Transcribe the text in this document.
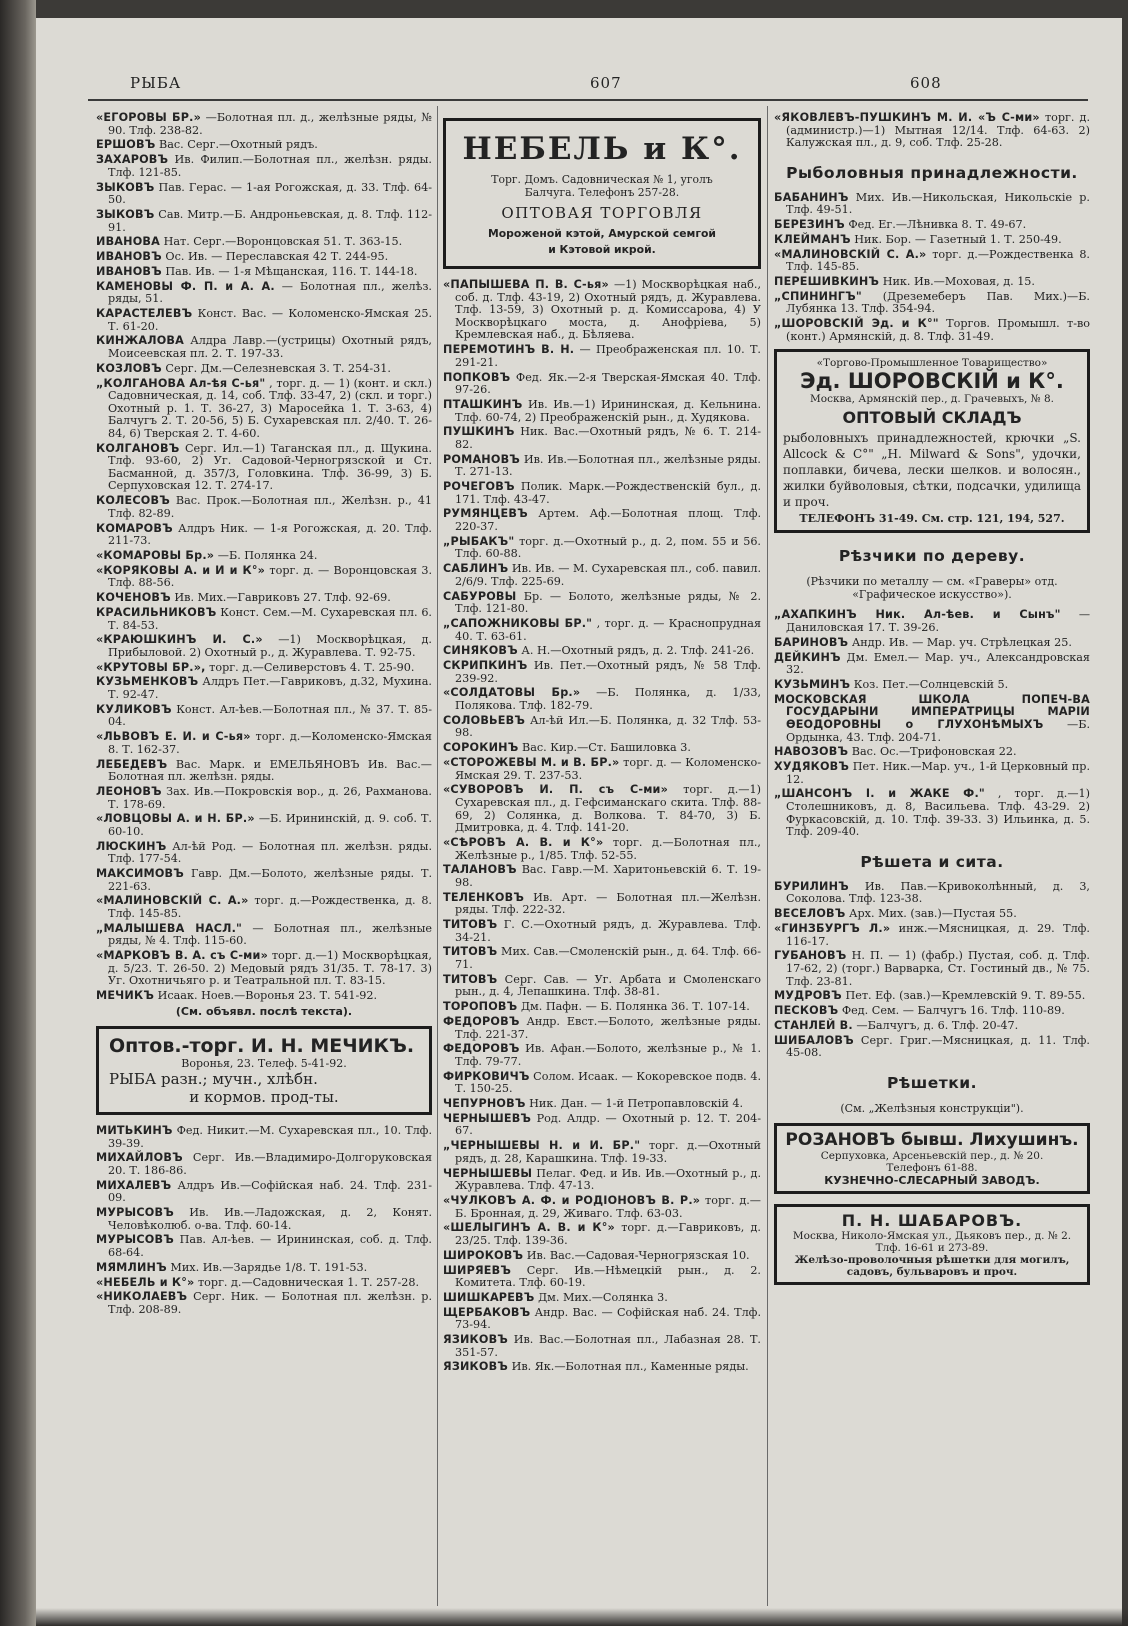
РЫБА	607	608
«ЕГОРОВЫ БР.» —Болотная пл. д., желѣзные ряды, № 90. Тлф. 238-82.
ЕРШОВЪ Вас. Серг.—Охотный рядъ.
ЗАХАРОВЪ Ив. Филип.—Болотная пл., желѣзн. ряды. Тлф. 121-85.
ЗЫКОВЪ Пав. Герас. — 1-ая Рогожская, д. 33. Тлф. 64-50.
ЗЫКОВЪ Сав. Митр.—Б. Андроньевская, д. 8. Тлф. 112-91.
ИВАНОВА Нат. Серг.—Воронцовская 51. Т. 363-15.
ИВАНОВЪ Ос. Ив. — Переславская 42 Т. 244-95.
ИВАНОВЪ Пав. Ив. — 1-я Мѣщанская, 116. Т. 144-18.
КАМЕНОВЫ Ф. П. и А. А. — Болотная пл., желѣз. ряды, 51.
КАРАСТЕЛЕВЪ Конст. Вас. — Коломенско-Ямская 25. Т. 61-20.
КИНЖАЛОВА Алдра Лавр.—(устрицы) Охотный рядъ, Моисеевская пл. 2. Т. 197-33.
КОЗЛОВЪ Серг. Дм.—Селезневская 3. Т. 254-31.
„КОЛГАНОВА Ал-ѣя С-ья" , торг. д. — 1) (конт. и скл.) Садовническая, д. 14, соб. Тлф. 33-47, 2) (скл. и торг.) Охотный р. 1. Т. 36-27, 3) Маросейка 1. Т. 3-63, 4) Балчугъ 2. Т. 20-56, 5) Б. Сухаревская пл. 2/40. Т. 26-84, 6) Тверская 2. Т. 4-60.
КОЛГАНОВЪ Серг. Ил.—1) Таганская пл., д. Щукина. Тлф. 93-60, 2) Уг. Садовой-Черногрязской и Ст. Басманной, д. 357/3, Головкина. Тлф. 36-99, 3) Б. Серпуховская 12. Т. 274-17.
КОЛЕСОВЪ Вас. Прок.—Болотная пл., Желѣзн. р., 41 Тлф. 82-89.
КОМАРОВЪ Алдръ Ник. — 1-я Рогожская, д. 20. Тлф. 211-73.
«КОМАРОВЫ Бр.» —Б. Полянка 24.
«КОРЯКОВЫ А. и И и К°» торг. д. — Воронцовская 3. Тлф. 88-56.
КОЧЕНОВЪ Ив. Мих.—Гавриковъ 27. Тлф. 92-69.
КРАСИЛЬНИКОВЪ Конст. Сем.—М. Сухаревская пл. 6. Т. 84-53.
«КРАЮШКИНЪ И. С.» —1) Москворѣцкая, д. Прибыловой. 2) Охотный р., д. Журавлева. Т. 92-75.
«КРУТОВЫ БР.», торг. д.—Селиверстовъ 4. Т. 25-90.
КУЗЬМЕНКОВЪ Алдръ Пет.—Гавриковъ, д.32, Мухина. Т. 92-47.
КУЛИКОВЪ Конст. Ал-ѣев.—Болотная пл., № 37. Т. 85-04.
«ЛЬВОВЪ Е. И. и С-ья» торг. д.—Коломенско-Ямская 8. Т. 162-37.
ЛЕБЕДЕВЪ Вас. Марк. и ЕМЕЛЬЯНОВЪ Ив. Вас.—Болотная пл. желѣзн. ряды.
ЛЕОНОВЪ Зах. Ив.—Покровскiя вор., д. 26, Рахманова. Т. 178-69.
«ЛОВЦОВЫ А. и Н. БР.» —Б. Ирининскiй, д. 9. соб. Т. 60-10.
ЛЮСКИНЪ Ал-ѣй Род. — Болотная пл. желѣзн. ряды. Тлф. 177-54.
МАКСИМОВЪ Гавр. Дм.—Болото, желѣзные ряды. Т. 221-63.
«МАЛИНОВСКIЙ С. А.» торг. д.—Рождественка, д. 8. Тлф. 145-85.
„МАЛЫШЕВА НАСЛ." — Болотная пл., желѣзные ряды, № 4. Тлф. 115-60.
«МАРКОВЪ В. А. съ С-ми» торг. д.—1) Москворѣцкая, д. 5/23. Т. 26-50. 2) Медовый рядъ 31/35. Т. 78-17. 3) Уг. Охотничьяго р. и Театральной пл. Т. 83-15.
МЕЧИКЪ Исаак. Ноев.—Воронья 23. Т. 541-92.
(См. объявл. послѣ текста).
Оптов.-торг. И. Н. МЕЧИКЪ.
Воронья, 23. Телеф. 5-41-92.
РЫБА разн.; мучн., хлѣбн.
и кормов. прод-ты.
МИТЬКИНЪ Фед. Никит.—М. Сухаревская пл., 10. Тлф. 39-39.
МИХАЙЛОВЪ Серг. Ив.—Владимиро-Долгоруковская 20. Т. 186-86.
МИХАЛЕВЪ Алдръ Ив.—Софiйская наб. 24. Тлф. 231-09.
МУРЫСОВЪ Ив. Ив.—Ладожская, д. 2, Конят. Человѣколюб. о-ва. Тлф. 60-14.
МУРЫСОВЪ Пав. Ал-ѣев. — Ирининская, соб. д. Тлф. 68-64.
МЯМЛИНЪ Мих. Ив.—Зарядье 1/8. Т. 191-53.
«НЕБЕЛЬ и К°» торг. д.—Садовническая 1. Т. 257-28.
«НИКОЛАЕВЪ Серг. Ник. — Болотная пл. желѣзн. р. Тлф. 208-89.
НЕБЕЛЬ и К°.
Торг. Домъ. Садовническая № 1, уголъ
Балчуга. Телефонъ 257-28.
ОПТОВАЯ ТОРГОВЛЯ
Мороженой кэтой, Амурской семгой
и Кэтовой икрой.
«ПАПЫШЕВА П. В. С-ья» —1) Москворѣцкая наб., соб. д. Тлф. 43-19, 2) Охотный рядъ, д. Журавлева. Тлф. 13-59, 3) Охотный р. д. Комиссарова, 4) У Москворѣцкаго моста, д. Анофрiева, 5) Кремлевская наб., д. Бѣляева.
ПЕРЕМОТИНЪ В. Н. — Преображенская пл. 10. Т. 291-21.
ПОПКОВЪ Фед. Як.—2-я Тверская-Ямская 40. Тлф. 97-26.
ПТАШКИНЪ Ив. Ив.—1) Ирининская, д. Кельнина. Тлф. 60-74, 2) Преображенскiй рын., д. Худякова.
ПУШКИНЪ Ник. Вас.—Охотный рядъ, № 6. Т. 214-82.
РОМАНОВЪ Ив. Ив.—Болотная пл., желѣзные ряды. Т. 271-13.
РОЧЕГОВЪ Полик. Марк.—Рождественскiй бул., д. 171. Тлф. 43-47.
РУМЯНЦЕВЪ Артем. Аф.—Болотная площ. Тлф. 220-37.
„РЫБАКЪ" торг. д.—Охотный р., д. 2, пом. 55 и 56. Тлф. 60-88.
САБЛИНЪ Ив. Ив. — М. Сухаревская пл., соб. павил. 2/6/9. Тлф. 225-69.
САБУРОВЫ Бр. — Болото, желѣзные ряды, № 2. Тлф. 121-80.
„САПОЖНИКОВЫ БР." , торг. д. — Краснопрудная 40. Т. 63-61.
СИНЯКОВЪ А. Н.—Охотный рядъ, д. 2. Тлф. 241-26.
СКРИПКИНЪ Ив. Пет.—Охотный рядъ, № 58 Тлф. 239-92.
«СОЛДАТОВЫ Бр.» —Б. Полянка, д. 1/33, Полякова. Тлф. 182-79.
СОЛОВЬЕВЪ Ал-ѣй Ил.—Б. Полянка, д. 32 Тлф. 53-98.
СОРОКИНЪ Вас. Кир.—Ст. Башиловка 3.
«СТОРОЖЕВЫ М. и В. БР.» торг. д. — Коломенско-Ямская 29. Т. 237-53.
«СУВОРОВЪ И. П. съ С-ми» торг. д.—1) Сухаревская пл., д. Гефсиманскаго скита. Тлф. 88-69, 2) Солянка, д. Волкова. Т. 84-70, 3) Б. Дмитровка, д. 4. Тлф. 141-20.
«СѢРОВЪ А. В. и К°» торг. д.—Болотная пл., Желѣзные р., 1/85. Тлф. 52-55.
ТАЛАНОВЪ Вас. Гавр.—М. Харитоньевскiй 6. Т. 19-98.
ТЕЛЕНКОВЪ Ив. Арт. — Болотная пл.—Желѣзн. ряды. Тлф. 222-32.
ТИТОВЪ Г. С.—Охотный рядъ, д. Журавлева. Тлф. 34-21.
ТИТОВЪ Мих. Сав.—Смоленскiй рын., д. 64. Тлф. 66-71.
ТИТОВЪ Серг. Сав. — Уг. Арбата и Смоленскаго рын., д. 4, Лепашкина. Тлф. 38-81.
ТОРОПОВЪ Дм. Пафн. — Б. Полянка 36. Т. 107-14.
ФЕДОРОВЪ Андр. Евст.—Болото, желѣзные ряды. Тлф. 221-37.
ФЕДОРОВЪ Ив. Афан.—Болото, желѣзные р., № 1. Тлф. 79-77.
ФИРКОВИЧЪ Солом. Исаак. — Кокоревское подв. 4. Т. 150-25.
ЧЕПУРНОВЪ Ник. Дан. — 1-й Петропавловскiй 4.
ЧЕРНЫШЕВЪ Род. Алдр. — Охотный р. 12. Т. 204-67.
„ЧЕРНЫШЕВЫ Н. и И. БР." торг. д.—Охотный рядъ, д. 28, Карашкина. Тлф. 19-33.
ЧЕРНЫШЕВЫ Пелаг. Фед. и Ив. Ив.—Охотный р., д. Журавлева. Тлф. 47-13.
«ЧУЛКОВЪ А. Ф. и РОДIОНОВЪ В. Р.» торг. д.—Б. Бронная, д. 29, Живаго. Тлф. 63-03.
«ШЕЛЫГИНЪ А. В. и К°» торг. д.—Гавриковъ, д. 23/25. Тлф. 139-36.
ШИРОКОВЪ Ив. Вас.—Садовая-Черногрязская 10.
ШИРЯЕВЪ Серг. Ив.—Нѣмецкiй рын., д. 2. Комитета. Тлф. 60-19.
ШИШКАРЕВЪ Дм. Мих.—Солянка 3.
ЩЕРБАКОВЪ Андр. Вас. — Софiйская наб. 24. Тлф. 73-94.
ЯЗИКОВЪ Ив. Вас.—Болотная пл., Лабазная 28. Т. 351-57.
ЯЗИКОВЪ Ив. Як.—Болотная пл., Каменные ряды.
«ЯКОВЛЕВЪ-ПУШКИНЪ М. И. «Ъ С-ми» торг. д. (администр.)—1) Мытная 12/14. Тлф. 64-63. 2) Калужская пл., д. 9, соб. Тлф. 25-28.
Рыболовныя принадлежности.
БАБАНИНЪ Мих. Ив.—Никольская, Никольскiе р. Тлф. 49-51.
БЕРЕЗИНЪ Фед. Ег.—Лѣнивка 8. Т. 49-67.
КЛЕЙМАНЪ Ник. Бор. — Газетный 1. Т. 250-49.
«МАЛИНОВСКIЙ С. А.» торг. д.—Рождественка 8. Тлф. 145-85.
ПЕРЕШИВКИНЪ Ник. Ив.—Моховая, д. 15.
„СПИНИНГЪ" (Дреземеберъ Пав. Мих.)—Б. Лубянка 13. Тлф. 354-94.
„ШОРОВСКIЙ Эд. и К°" Торгов. Промышл. т-во (конт.) Армянскiй, д. 8. Тлф. 31-49.
«Торгово-Промышленное Товарищество»
Эд. ШОРОВСКIЙ и К°.
Москва, Армянскiй пер., д. Грачевыхъ, № 8.
ОПТОВЫЙ СКЛАДЪ
рыболовныхъ принадлежностей, крючки „S. Allcock & C°" „H. Milward & Sons", удочки, поплавки, бичева, лески шелков. и волосян., жилки буйволовыя, сѣтки, подсачки, удилища и проч.
ТЕЛЕФОНЪ 31-49. См. стр. 121, 194, 527.
Рѣзчики по дереву.
(Рѣзчики по металлу — см. «Граверы» отд. «Графическое искусство»).
„АХАПКИНЪ Ник. Ал-ѣев. и Сынъ" —Даниловская 17. Т. 39-26.
БАРИНОВЪ Андр. Ив. — Мар. уч. Стрѣлецкая 25.
ДЕЙКИНЪ Дм. Емел.— Мар. уч., Александровская 32.
КУЗЬМИНЪ Коз. Пет.—Солнцевскiй 5.
МОСКОВСКАЯ ШКОЛА ПОПЕЧ-ВА ГОСУДАРЫНИ ИМПЕРАТРИЦЫ МАРIИ ѲЕОДОРОВНЫ о ГЛУХОНѢМЫХЪ —Б. Ордынка, 43. Тлф. 204-71.
НАВОЗОВЪ Вас. Ос.—Трифоновская 22.
ХУДЯКОВЪ Пет. Ник.—Мар. уч., 1-й Церковный пр. 12.
„ШАНСОНЪ I. и ЖАКЕ Ф." , торг. д.—1) Столешниковъ, д. 8, Васильева. Тлф. 43-29. 2) Фуркасовскiй, д. 10. Тлф. 39-33. 3) Ильинка, д. 5. Тлф. 209-40.
Рѣшета и сита.
БУРИЛИНЪ Ив. Пав.—Кривоколѣнный, д. 3, Соколова. Тлф. 123-38.
ВЕСЕЛОВЪ Арх. Мих. (зав.)—Пустая 55.
«ГИНЗБУРГЪ Л.» инж.—Мясницкая, д. 29. Тлф. 116-17.
ГУБАНОВЪ Н. П. — 1) (фабр.) Пустая, соб. д. Тлф. 17-62, 2) (торг.) Варварка, Ст. Гостиный дв., № 75. Тлф. 23-81.
МУДРОВЪ Пет. Еф. (зав.)—Кремлевскiй 9. Т. 89-55.
ПЕСКОВЪ Фед. Сем. — Балчугъ 16. Тлф. 110-89.
СТАНЛЕЙ В. —Балчугъ, д. 6. Тлф. 20-47.
ШИБАЛОВЪ Серг. Григ.—Мясницкая, д. 11. Тлф. 45-08.
Рѣшетки.
(См. „Желѣзныя конструкцiи").
РОЗАНОВЪ бывш. Лихушинъ.
Серпуховка, Арсеньевскiй пер., д. № 20.
Телефонъ 61-88.
КУЗНЕЧНО-СЛЕСАРНЫЙ ЗАВОДЪ.
П. Н. ШАБАРОВЪ.
Москва, Николо-Ямская ул., Дьяковъ пер., д. № 2. Тлф. 16-61 и 273-89.
Желѣзо-проволочныя рѣшетки для могилъ, садовъ, бульваровъ и проч.
